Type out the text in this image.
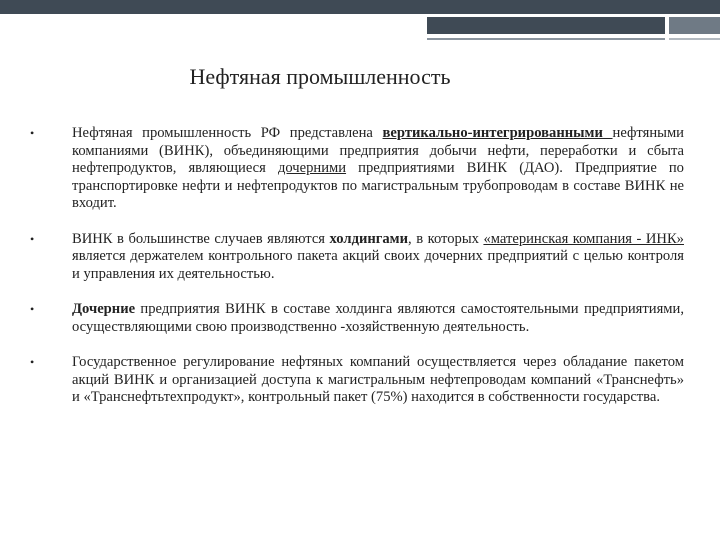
Нефтяная промышленность
•	Нефтяная промышленность РФ представлена вертикально-интегрированными нефтяными компаниями (ВИНК), объединяющими предприятия добычи нефти, переработки и сбыта нефтепродуктов, являющиеся дочерними предприятиями ВИНК (ДАО). Предприятие по транспортировке нефти и нефтепродуктов по магистральным трубопроводам в составе ВИНК не входит.
•	ВИНК в большинстве случаев являются холдингами, в которых «материнская компания - ИНК» является держателем контрольного пакета акций своих дочерних предприятий с целью контроля и управления их деятельностью.
•	Дочерние предприятия ВИНК в составе холдинга являются самостоятельными предприятиями, осуществляющими свою производственно -хозяйственную деятельность.
•	Государственное регулирование нефтяных компаний осуществляется через обладание пакетом акций ВИНК и организацией доступа к магистральным нефтепроводам компаний «Транснефть» и «Транснефтьтехпродукт», контрольный пакет (75%) находится в собственности государства.
